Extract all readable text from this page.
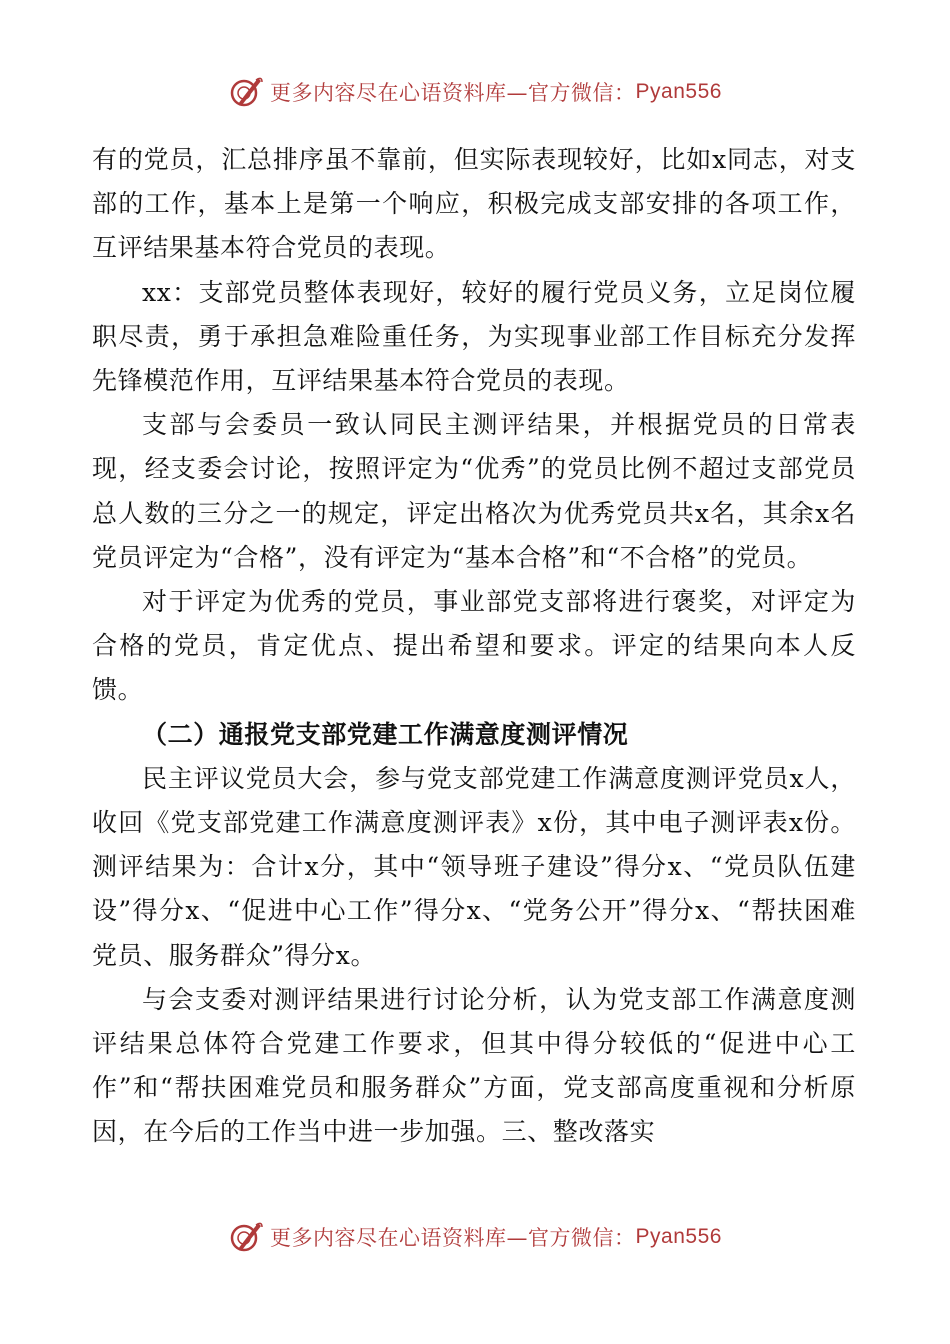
更多内容尽在心语资料库—官方微信： Pyan556

有的党员，汇总排序虽不靠前，但实际表现较好，比如x同志，对支部的工作，基本上是第一个响应，积极完成支部安排的各项工作，互评结果基本符合党员的表现。

xx：支部党员整体表现好，较好的履行党员义务，立足岗位履职尽责，勇于承担急难险重任务，为实现事业部工作目标充分发挥先锋模范作用，互评结果基本符合党员的表现。

支部与会委员一致认同民主测评结果，并根据党员的日常表现，经支委会讨论，按照评定为“优秀”的党员比例不超过支部党员总人数的三分之一的规定，评定出格次为优秀党员共x名，其余x名党员评定为“合格”，没有评定为“基本合格”和“不合格”的党员。

对于评定为优秀的党员，事业部党支部将进行褒奖，对评定为合格的党员，肯定优点、提出希望和要求。评定的结果向本人反馈。

（二）通报党支部党建工作满意度测评情况

民主评议党员大会，参与党支部党建工作满意度测评党员x人，收回《党支部党建工作满意度测评表》x份，其中电子测评表x份。测评结果为：合计x分，其中“领导班子建设”得分x、“党员队伍建设”得分x、“促进中心工作”得分x、“党务公开”得分x、“帮扶困难党员、服务群众”得分x。

与会支委对测评结果进行讨论分析，认为党支部工作满意度测评结果总体符合党建工作要求，但其中得分较低的“促进中心工作”和“帮扶困难党员和服务群众”方面，党支部高度重视和分析原因，在今后的工作当中进一步加强。三、整改落实

更多内容尽在心语资料库—官方微信： Pyan556
